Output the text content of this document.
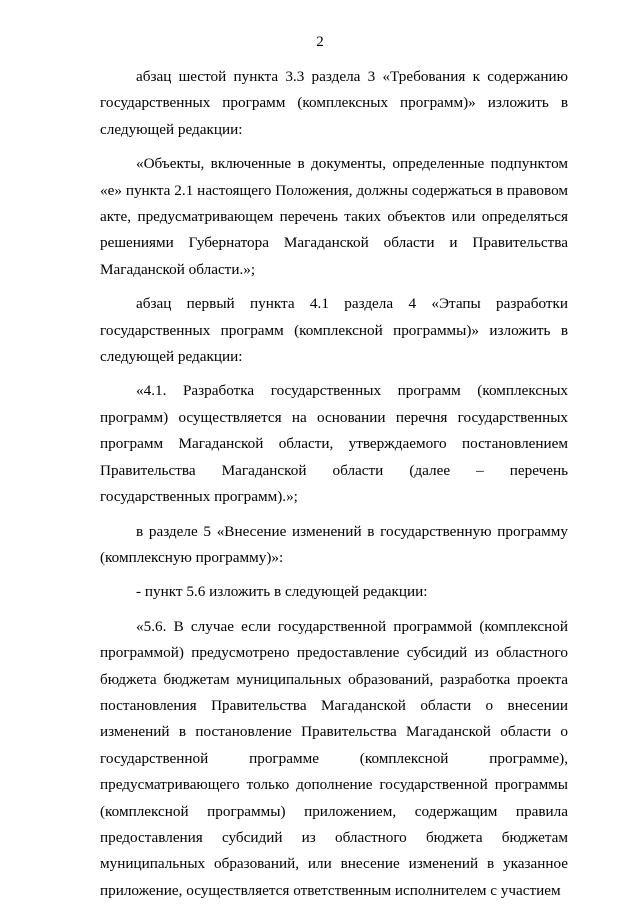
2

абзац шестой пункта 3.3 раздела 3 «Требования к содержанию государственных программ (комплексных программ)» изложить в следующей редакции:

«Объекты, включенные в документы, определенные подпунктом «е» пункта 2.1 настоящего Положения, должны содержаться в правовом акте, предусматривающем перечень таких объектов или определяться решениями Губернатора Магаданской области и Правительства Магаданской области.»;

абзац первый пункта 4.1 раздела 4 «Этапы разработки государственных программ (комплексной программы)» изложить в следующей редакции:

«4.1. Разработка государственных программ (комплексных программ) осуществляется на основании перечня государственных программ Магаданской области, утверждаемого постановлением Правительства Магаданской области (далее – перечень государственных программ).»;

в разделе 5 «Внесение изменений в государственную программу (комплексную программу)»:

- пункт 5.6 изложить в следующей редакции:

«5.6. В случае если государственной программой (комплексной программой) предусмотрено предоставление субсидий из областного бюджета бюджетам муниципальных образований, разработка проекта постановления Правительства Магаданской области о внесении изменений в постановление Правительства Магаданской области о государственной программе (комплексной программе), предусматривающего только дополнение государственной программы (комплексной программы) приложением, содержащим правила предоставления субсидий из областного бюджета бюджетам муниципальных образований, или внесение изменений в указанное приложение, осуществляется ответственным исполнителем с участием
